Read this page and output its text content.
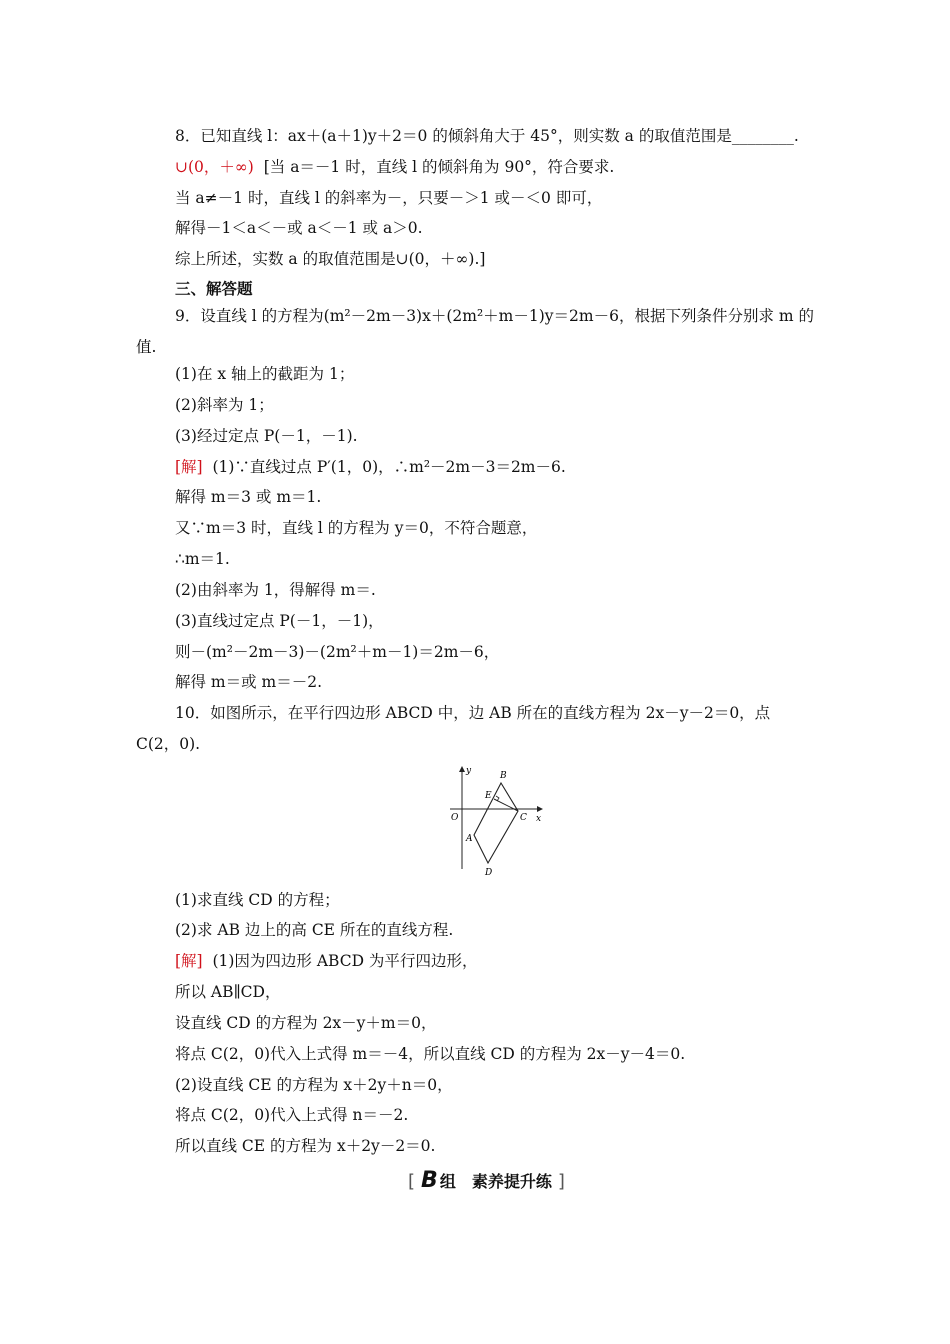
8．已知直线 l：ax＋(a＋1)y＋2＝0 的倾斜角大于 45°，则实数 a 的取值范围是________.
∪(0，＋∞) [当 a＝－1 时，直线 l 的倾斜角为 90°，符合要求.
当 a≠－1 时，直线 l 的斜率为－，只要－＞1 或－＜0 即可，
解得－1＜a＜－或 a＜－1 或 a＞0.
综上所述，实数 a 的取值范围是∪(0，＋∞).]
三、解答题
9．设直线 l 的方程为(m²－2m－3)x＋(2m²＋m－1)y＝2m－6，根据下列条件分别求 m 的
值.
(1)在 x 轴上的截距为 1；
(2)斜率为 1；
(3)经过定点 P(－1，－1).
[解] (1)∵直线过点 P′(1，0)，∴m²－2m－3＝2m－6.
解得 m＝3 或 m＝1.
又∵m＝3 时，直线 l 的方程为 y＝0，不符合题意，
∴m＝1.
(2)由斜率为 1，得解得 m＝.
(3)直线过定点 P(－1，－1)，
则－(m²－2m－3)－(2m²＋m－1)＝2m－6，
解得 m＝或 m＝－2.
10．如图所示，在平行四边形 ABCD 中，边 AB 所在的直线方程为 2x－y－2＝0，点
C(2，0).
y
x
O
B
C
A
D
E
(1)求直线 CD 的方程；
(2)求 AB 边上的高 CE 所在的直线方程.
[解] (1)因为四边形 ABCD 为平行四边形，
所以 AB∥CD，
设直线 CD 的方程为 2x－y＋m＝0，
将点 C(2，0)代入上式得 m＝－4，所以直线 CD 的方程为 2x－y－4＝0.
(2)设直线 CE 的方程为 x＋2y＋n＝0，
将点 C(2，0)代入上式得 n＝－2.
所以直线 CE 的方程为 x＋2y－2＝0.
[ B 组　素养提升练 ]
